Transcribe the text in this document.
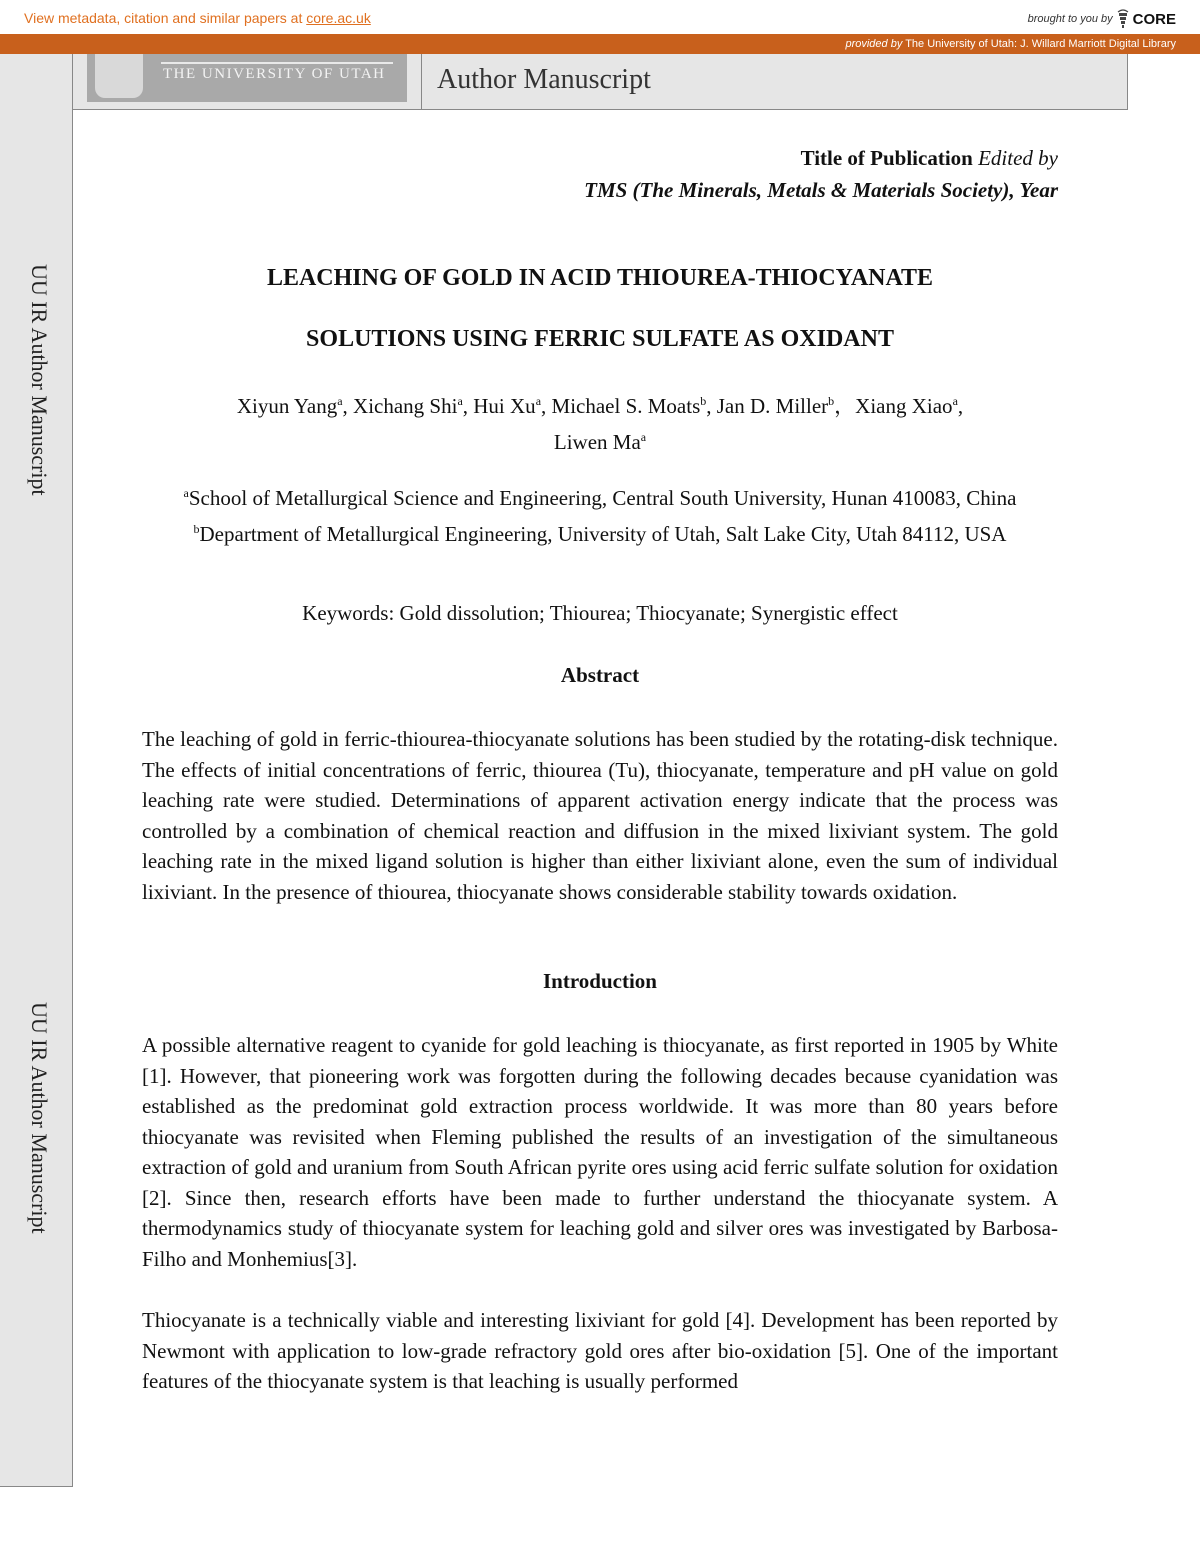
View metadata, citation and similar papers at core.ac.uk	brought to you by CORE
provided by The University of Utah: J. Willard Marriott Digital Library
UU IR Author Manuscript
UU IR Author Manuscript
THE UNIVERSITY OF UTAH Author Manuscript
Title of Publication Edited by
TMS (The Minerals, Metals & Materials Society), Year
LEACHING OF GOLD IN ACID THIOUREA-THIOCYANATE
SOLUTIONS USING FERRIC SULFATE AS OXIDANT
Xiyun Yang$^a$, Xichang Shi$^a$, Hui Xu$^a$, Michael S. Moats$^b$, Jan D. Miller$^b$，Xiang Xiao$^a$,
Liwen Ma$^a$
$^a$School of Metallurgical Science and Engineering, Central South University, Hunan 410083, China
$^b$Department of Metallurgical Engineering, University of Utah, Salt Lake City, Utah 84112, USA
Keywords: Gold dissolution; Thiourea; Thiocyanate; Synergistic effect
Abstract

The leaching of gold in ferric-thiourea-thiocyanate solutions has been studied by the rotating-disk technique. The effects of initial concentrations of ferric, thiourea (Tu), thiocyanate, temperature and pH value on gold leaching rate were studied. Determinations of apparent activation energy indicate that the process was controlled by a combination of chemical reaction and diffusion in the mixed lixiviant system. The gold leaching rate in the mixed ligand solution is higher than either lixiviant alone, even the sum of individual lixiviant. In the presence of thiourea, thiocyanate shows considerable stability towards oxidation.

Introduction

A possible alternative reagent to cyanide for gold leaching is thiocyanate, as first reported in 1905 by White [1]. However, that pioneering work was forgotten during the following decades because cyanidation was established as the predominat gold extraction process worldwide. It was more than 80 years before thiocyanate was revisited when Fleming published the results of an investigation of the simultaneous extraction of gold and uranium from South African pyrite ores using acid ferric sulfate solution for oxidation [2]. Since then, research efforts have been made to further understand the thiocyanate system. A thermodynamics study of thiocyanate system for leaching gold and silver ores was investigated by Barbosa-Filho and Monhemius[3].

Thiocyanate is a technically viable and interesting lixiviant for gold [4]. Development has been reported by Newmont with application to low-grade refractory gold ores after bio-oxidation [5]. One of the important features of the thiocyanate system is that leaching is usually performed
